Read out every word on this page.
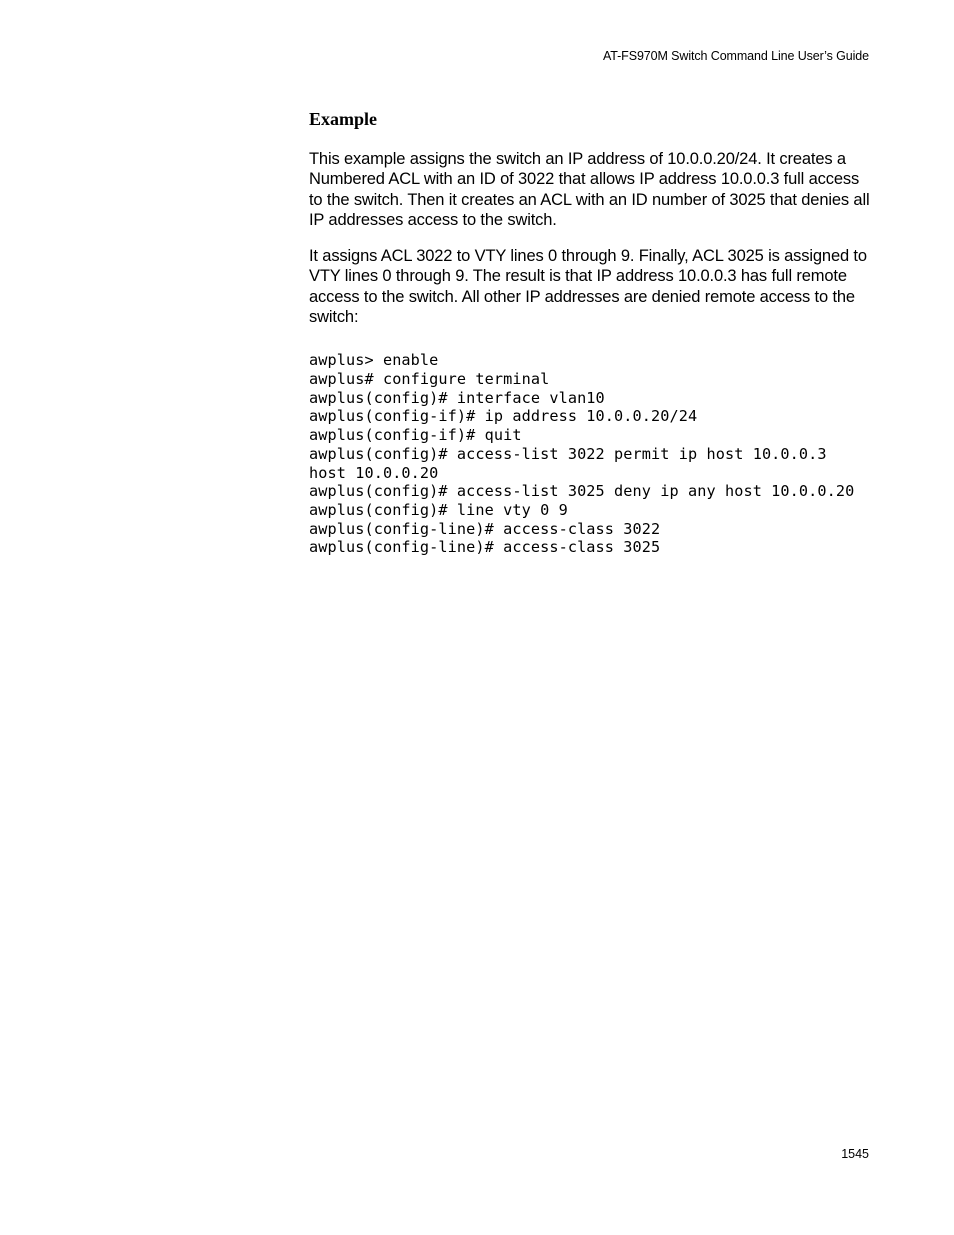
AT-FS970M Switch Command Line User’s Guide
Example

This example assigns the switch an IP address of 10.0.0.20/24. It creates a Numbered ACL with an ID of 3022 that allows IP address 10.0.0.3 full access to the switch. Then it creates an ACL with an ID number of 3025 that denies all IP addresses access to the switch.

It assigns ACL 3022 to VTY lines 0 through 9. Finally, ACL 3025 is assigned to VTY lines 0 through 9. The result is that IP address 10.0.0.3 has full remote access to the switch. All other IP addresses are denied remote access to the switch:

awplus> enable
awplus# configure terminal
awplus(config)# interface vlan10
awplus(config-if)# ip address 10.0.0.20/24
awplus(config-if)# quit
awplus(config)# access-list 3022 permit ip host 10.0.0.3
host 10.0.0.20
awplus(config)# access-list 3025 deny ip any host 10.0.0.20
awplus(config)# line vty 0 9
awplus(config-line)# access-class 3022
awplus(config-line)# access-class 3025
1545
